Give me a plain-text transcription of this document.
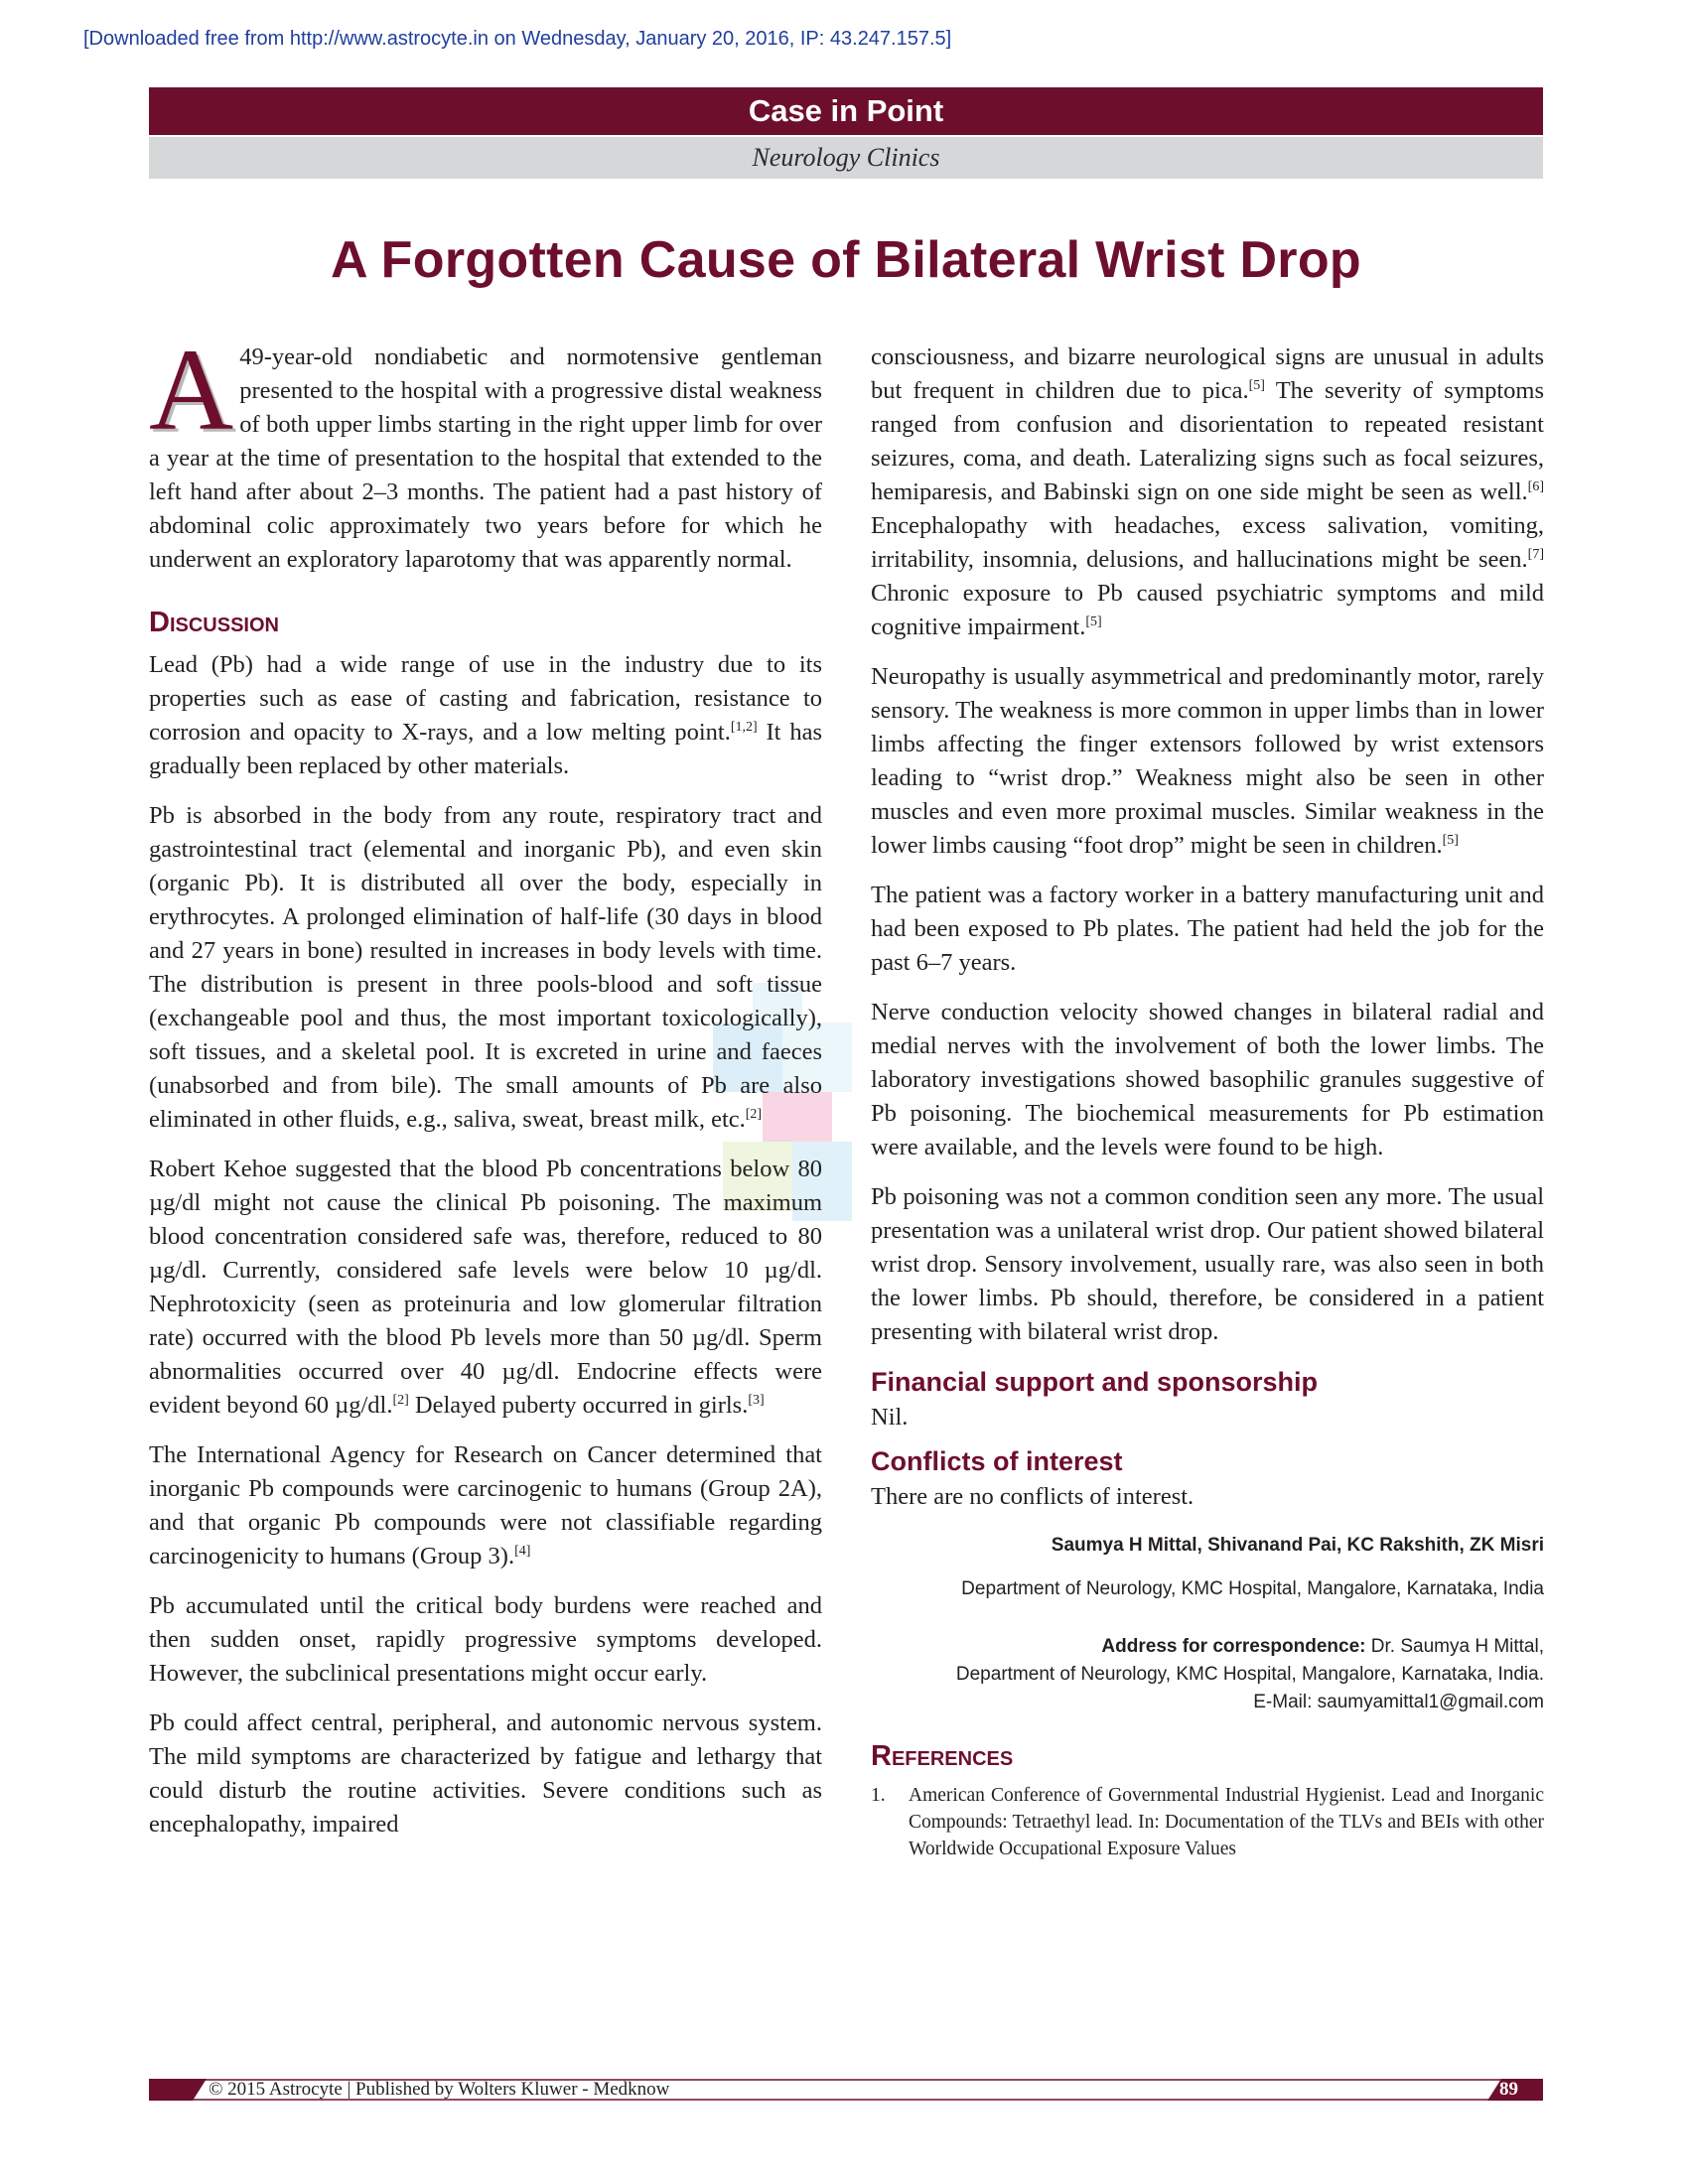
[Downloaded free from http://www.astrocyte.in on Wednesday, January 20, 2016, IP: 43.247.157.5]
Case in Point
Neurology Clinics
A Forgotten Cause of Bilateral Wrist Drop

A 49-year-old nondiabetic and normotensive gentleman presented to the hospital with a progressive distal weakness of both upper limbs starting in the right upper limb for over a year at the time of presentation to the hospital that extended to the left hand after about 2–3 months. The patient had a past history of abdominal colic approximately two years before for which he underwent an exploratory laparotomy that was apparently normal.

Discussion

Lead (Pb) had a wide range of use in the industry due to its properties such as ease of casting and fabrication, resistance to corrosion and opacity to X-rays, and a low melting point.[1,2] It has gradually been replaced by other materials.

Pb is absorbed in the body from any route, respiratory tract and gastrointestinal tract (elemental and inorganic Pb), and even skin (organic Pb). It is distributed all over the body, especially in erythrocytes. A prolonged elimination of half-life (30 days in blood and 27 years in bone) resulted in increases in body levels with time. The distribution is present in three pools-blood and soft tissue (exchangeable pool and thus, the most important toxicologically), soft tissues, and a skeletal pool. It is excreted in urine and faeces (unabsorbed and from bile). The small amounts of Pb are also eliminated in other fluids, e.g., saliva, sweat, breast milk, etc.[2]

Robert Kehoe suggested that the blood Pb concentrations below 80 µg/dl might not cause the clinical Pb poisoning. The maximum blood concentration considered safe was, therefore, reduced to 80 µg/dl. Currently, considered safe levels were below 10 µg/dl. Nephrotoxicity (seen as proteinuria and low glomerular filtration rate) occurred with the blood Pb levels more than 50 µg/dl. Sperm abnormalities occurred over 40 µg/dl. Endocrine effects were evident beyond 60 µg/dl.[2] Delayed puberty occurred in girls.[3]

The International Agency for Research on Cancer determined that inorganic Pb compounds were carcinogenic to humans (Group 2A), and that organic Pb compounds were not classifiable regarding carcinogenicity to humans (Group 3).[4]

Pb accumulated until the critical body burdens were reached and then sudden onset, rapidly progressive symptoms developed. However, the subclinical presentations might occur early.

Pb could affect central, peripheral, and autonomic nervous system. The mild symptoms are characterized by fatigue and lethargy that could disturb the routine activities. Severe conditions such as encephalopathy, impaired

consciousness, and bizarre neurological signs are unusual in adults but frequent in children due to pica.[5] The severity of symptoms ranged from confusion and disorientation to repeated resistant seizures, coma, and death. Lateralizing signs such as focal seizures, hemiparesis, and Babinski sign on one side might be seen as well.[6] Encephalopathy with headaches, excess salivation, vomiting, irritability, insomnia, delusions, and hallucinations might be seen.[7] Chronic exposure to Pb caused psychiatric symptoms and mild cognitive impairment.[5]

Neuropathy is usually asymmetrical and predominantly motor, rarely sensory. The weakness is more common in upper limbs than in lower limbs affecting the finger extensors followed by wrist extensors leading to “wrist drop.” Weakness might also be seen in other muscles and even more proximal muscles. Similar weakness in the lower limbs causing “foot drop” might be seen in children.[5]

The patient was a factory worker in a battery manufacturing unit and had been exposed to Pb plates. The patient had held the job for the past 6–7 years.

Nerve conduction velocity showed changes in bilateral radial and medial nerves with the involvement of both the lower limbs. The laboratory investigations showed basophilic granules suggestive of Pb poisoning. The biochemical measurements for Pb estimation were available, and the levels were found to be high.

Pb poisoning was not a common condition seen any more. The usual presentation was a unilateral wrist drop. Our patient showed bilateral wrist drop. Sensory involvement, usually rare, was also seen in both the lower limbs. Pb should, therefore, be considered in a patient presenting with bilateral wrist drop.

Financial support and sponsorship

Nil.

Conflicts of interest

There are no conflicts of interest.

Saumya H Mittal, Shivanand Pai, KC Rakshith, ZK Misri
Department of Neurology, KMC Hospital, Mangalore, Karnataka, India
Address for correspondence: Dr. Saumya H Mittal,
Department of Neurology, KMC Hospital, Mangalore, Karnataka, India.
E-Mail: saumyamittal1@gmail.com
References
1.	American Conference of Governmental Industrial Hygienist. Lead and Inorganic Compounds: Tetraethyl lead. In: Documentation of the TLVs and BEIs with other Worldwide Occupational Exposure Values
© 2015 Astrocyte | Published by Wolters Kluwer - Medknow	89
